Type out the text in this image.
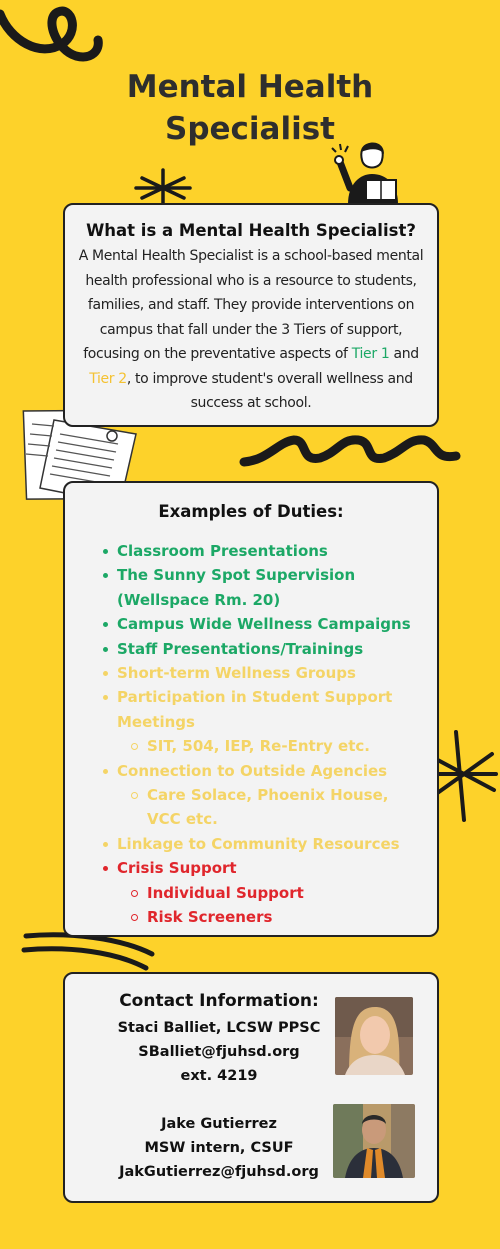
Mental Health
Specialist
What is a Mental Health Specialist?

A Mental Health Specialist is a school-based mental health professional who is a resource to students, families, and staff. They provide interventions on campus that fall under the 3 Tiers of support, focusing on the preventative aspects of Tier 1 and Tier 2, to improve student's overall wellness and success at school.

Examples of Duties:
Classroom Presentations
The Sunny Spot Supervision (Wellspace Rm. 20)
Campus Wide Wellness Campaigns
Staff Presentations/Trainings
Short-term Wellness Groups
Participation in Student Support Meetings
SIT, 504, IEP, Re-Entry etc.
Connection to Outside Agencies
Care Solace, Phoenix House, VCC etc.
Linkage to Community Resources
Crisis Support
Individual Support
Risk Screeners
Contact Information:
Staci Balliet, LCSW PPSC
SBalliet@fjuhsd.org
ext. 4219
Jake Gutierrez
MSW intern, CSUF
JakGutierrez@fjuhsd.org
